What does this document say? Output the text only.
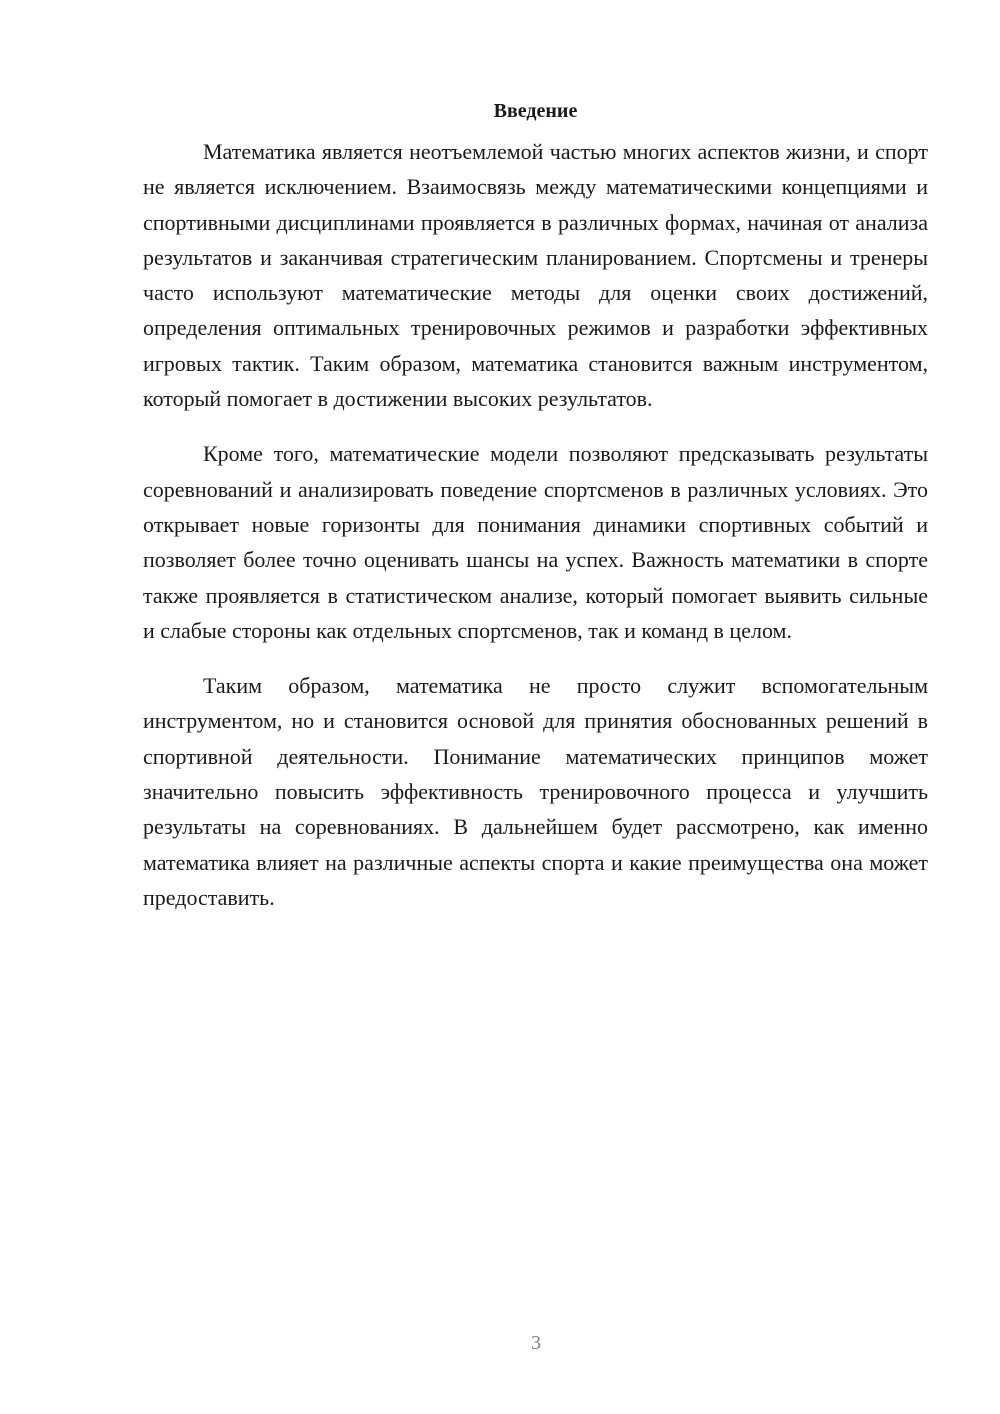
Введение

Математика является неотъемлемой частью многих аспектов жизни, и спорт не является исключением. Взаимосвязь между математическими концепциями и спортивными дисциплинами проявляется в различных формах, начиная от анализа результатов и заканчивая стратегическим планированием. Спортсмены и тренеры часто используют математические методы для оценки своих достижений, определения оптимальных тренировочных режимов и разработки эффективных игровых тактик. Таким образом, математика становится важным инструментом, который помогает в достижении высоких результатов.

Кроме того, математические модели позволяют предсказывать результаты соревнований и анализировать поведение спортсменов в различных условиях. Это открывает новые горизонты для понимания динамики спортивных событий и позволяет более точно оценивать шансы на успех. Важность математики в спорте также проявляется в статистическом анализе, который помогает выявить сильные и слабые стороны как отдельных спортсменов, так и команд в целом.

Таким образом, математика не просто служит вспомогательным инструментом, но и становится основой для принятия обоснованных решений в спортивной деятельности. Понимание математических принципов может значительно повысить эффективность тренировочного процесса и улучшить результаты на соревнованиях. В дальнейшем будет рассмотрено, как именно математика влияет на различные аспекты спорта и какие преимущества она может предоставить.

3
